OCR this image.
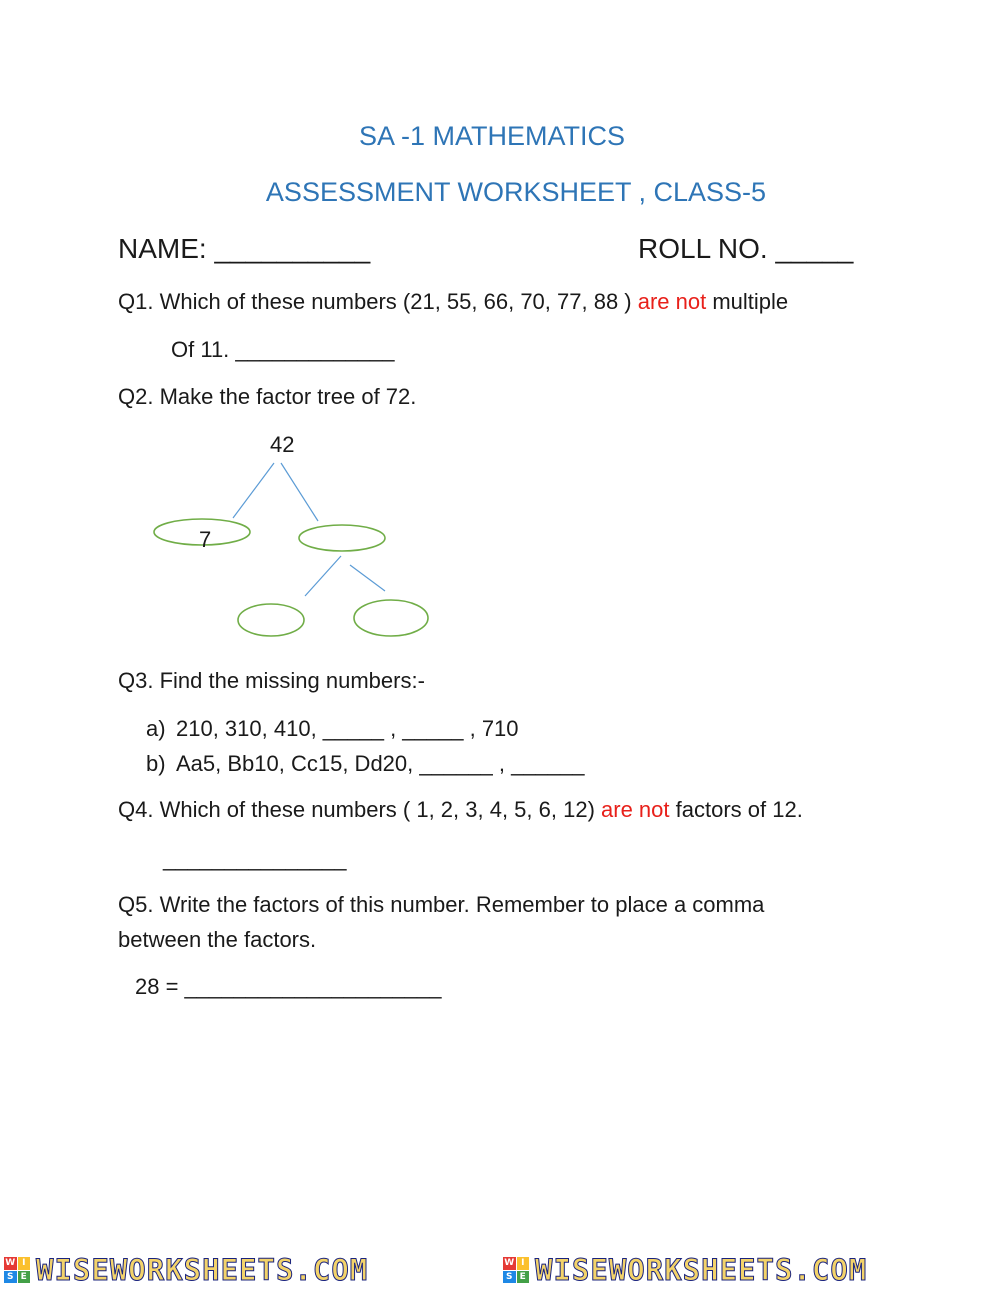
SA -1 MATHEMATICS
ASSESSMENT WORKSHEET , CLASS-5
NAME: __________	ROLL NO. _____
Q1. Which of these numbers (21, 55, 66, 70, 77, 88 ) are not multiple
Of 11. _____________
Q2. Make the factor tree of 72.
42
7
Q3. Find the missing numbers:-
a) 210, 310, 410, _____ , _____ , 710
b) Aa5, Bb10, Cc15, Dd20, ______ , ______
Q4. Which of these numbers ( 1, 2, 3, 4, 5, 6, 12) are not factors of 12.
_______________
Q5. Write the factors of this number. Remember to place a comma
between the factors.
28 = _____________________
W I
S E WISEWORKSHEETS.COM	W I
S E WISEWORKSHEETS.COM
